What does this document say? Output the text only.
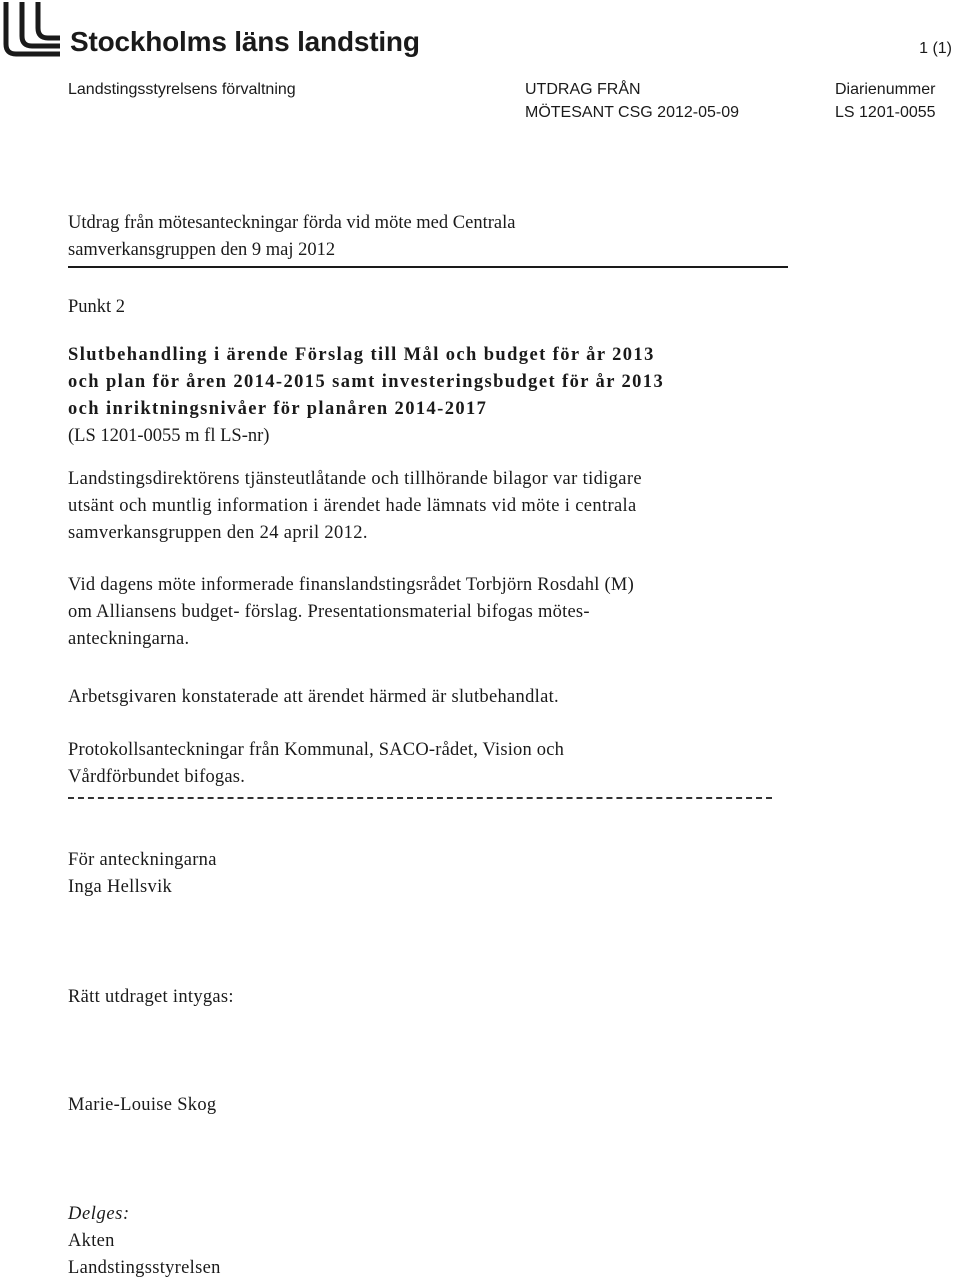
Stockholms läns landsting	1 (1)
Landstingsstyrelsens förvaltning	UTDRAG FRÅN
MÖTESANT CSG 2012-05-09
Diarienummer
LS 1201-0055

Utdrag från mötesanteckningar förda vid möte med Centrala

samverkansgruppen den 9 maj 2012

Punkt 2

Slutbehandling i ärende Förslag till Mål och budget för år 2013
och plan för åren 2014-2015 samt investeringsbudget för år 2013
och inriktningsnivåer för planåren 2014-2017

(LS 1201-0055 m fl LS-nr)

Landstingsdirektörens tjänsteutlåtande och tillhörande bilagor var tidigare

utsänt och muntlig information i ärendet hade lämnats vid möte i centrala

samverkansgruppen den 24 april 2012.

Vid dagens möte informerade finanslandstingsrådet Torbjörn Rosdahl (M)

om Alliansens budget- förslag. Presentationsmaterial bifogas mötes-

anteckningarna.

Arbetsgivaren konstaterade att ärendet härmed är slutbehandlat.

Protokollsanteckningar från Kommunal, SACO-rådet, Vision och

Vårdförbundet bifogas.

För anteckningarna

Inga Hellsvik

Rätt utdraget intygas:

Marie-Louise Skog

Delges:
Akten
Landstingsstyrelsen
